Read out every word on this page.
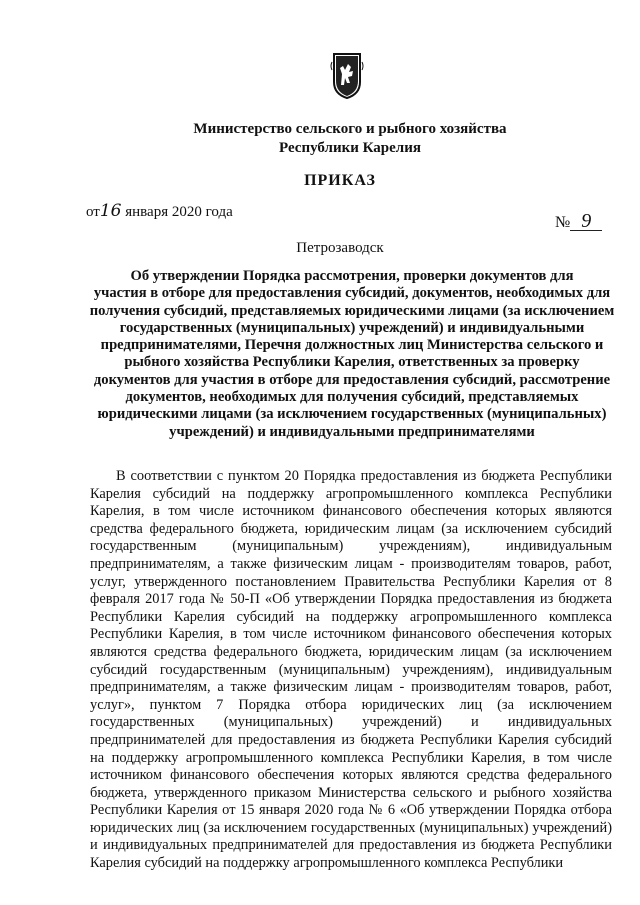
Министерство сельского и рыбного хозяйства
Республики Карелия
ПРИКАЗ
от16 января 2020 года
№ 9
Петрозаводск
Об утверждении Порядка рассмотрения, проверки документов для
участия в отборе для предоставления субсидий, документов, необходимых для
получения субсидий, представляемых юридическими лицами (за исключением
государственных (муниципальных) учреждений) и индивидуальными
предпринимателями, Перечня должностных лиц Министерства сельского и
рыбного хозяйства Республики Карелия, ответственных за проверку
документов для участия в отборе для предоставления субсидий, рассмотрение
документов, необходимых для получения субсидий, представляемых
юридическими лицами (за исключением государственных (муниципальных)
учреждений) и индивидуальными предпринимателями

В соответствии с пунктом 20 Порядка предоставления из бюджета Республики Карелия субсидий на поддержку агропромышленного комплекса Республики Карелия, в том числе источником финансового обеспечения которых являются средства федерального бюджета, юридическим лицам (за исключением субсидий государственным (муниципальным) учреждениям), индивидуальным предпринимателям, а также физическим лицам - производителям товаров, работ, услуг, утвержденного постановлением Правительства Республики Карелия от 8 февраля 2017 года № 50-П «Об утверждении Порядка предоставления из бюджета Республики Карелия субсидий на поддержку агропромышленного комплекса Республики Карелия, в том числе источником финансового обеспечения которых являются средства федерального бюджета, юридическим лицам (за исключением субсидий государственным (муниципальным) учреждениям), индивидуальным предпринимателям, а также физическим лицам - производителям товаров, работ, услуг», пунктом 7 Порядка отбора юридических лиц (за исключением государственных (муниципальных) учреждений) и индивидуальных предпринимателей для предоставления из бюджета Республики Карелия субсидий на поддержку агропромышленного комплекса Республики Карелия, в том числе источником финансового обеспечения которых являются средства федерального бюджета, утвержденного приказом Министерства сельского и рыбного хозяйства Республики Карелия от 15 января 2020 года № 6 «Об утверждении Порядка отбора юридических лиц (за исключением государственных (муниципальных) учреждений) и индивидуальных предпринимателей для предоставления из бюджета Республики Карелия субсидий на поддержку агропромышленного комплекса Республики
